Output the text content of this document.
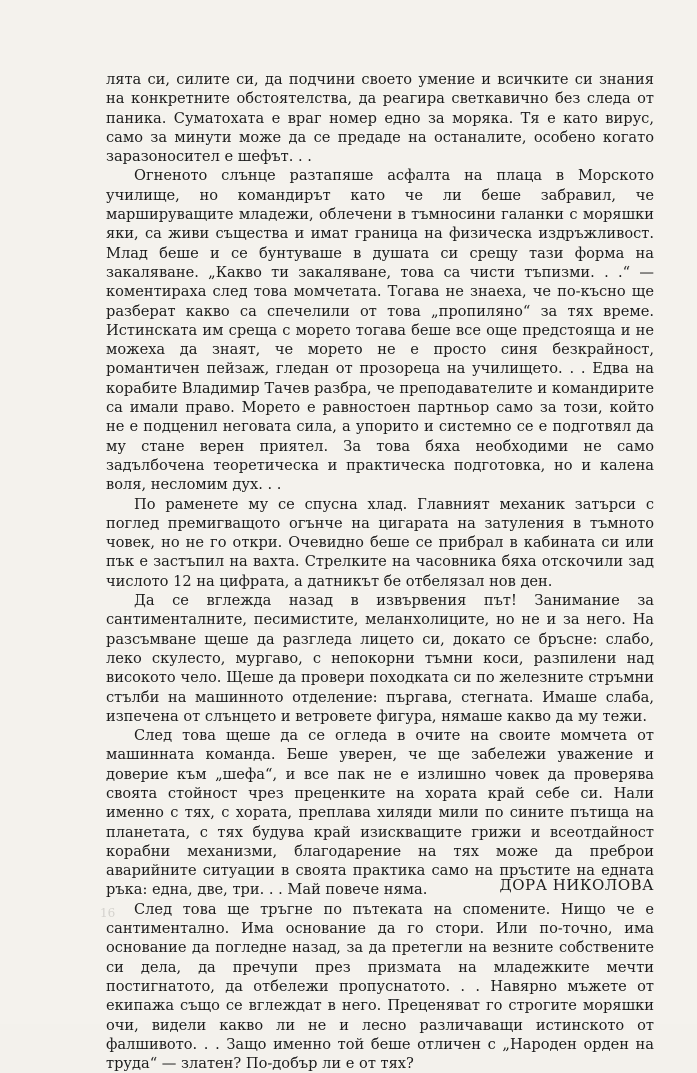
лята си, силите си, да подчини своето умение и всичките си знания на конкретните обстоятелства, да реагира светкавично без следа от паника. Суматохата е враг номер едно за моряка. Тя е като вирус, само за минути може да се предаде на останалите, особено когато заразоносител е шефът. . .

Огненото слънце разтапяше асфалта на плаца в Морското училище, но командирът като че ли беше забравил, че марширувaщите младежи, облечени в тъмносини галанки с моряшки яки, са живи същества и имат граница на физическа издръжливост. Млад беше и се бунтуваше в душата си срещу тази форма на закаляване. „Какво ти закаляване, това са чисти тъпизми. . .“ — коментираха след това момчетата. Тогава не знаеха, че по-късно ще разберат какво са спечелили от това „пропиляно“ за тях време. Истинската им среща с морето тогава беше все още предстояща и не можеха да знаят, че морето не е просто синя безкрайност, романтичен пейзаж, гледан от прозореца на училището. . . Едва на корабите Владимир Тачев разбра, че преподавателите и командирите са имали право. Морето е равностоен партньор само за този, който не е подценил неговата сила, а упорито и системно се е подготвял да му стане верен приятел. За това бяха необходими не само задълбочена теоретическа и практическа подготовка, но и калена воля, несломим дух. . .

По раменете му се спусна хлад. Главният механик затърси с поглед премигващото огънче на цигарата на затуления в тъмното човек, но не го откри. Очевидно беше се прибрал в кабината си или пък е застъпил на вахта. Стрелките на часовника бяха отскочили зад числото 12 на цифрата, а датникът бе отбелязал нов ден.

Да се вглежда назад в извървения път! Занимание за сантименталните, песимистите, меланхолиците, но не и за него. На разсъмване щеше да разгледа лицето си, докато се бръсне: слабо, леко скулесто, мургаво, с непокорни тъмни коси, разпилени над високото чело. Щеше да провери походката си по железните стръмни стълби на машинното отделение: пъргава, стегната. Имаше слаба, изпечена от слънцето и ветровете фигура, нямаше какво да му тежи.

След това щеше да се огледа в очите на своите момчета от машинната команда. Беше уверен, че ще забележи уважение и доверие към „шефа“, и все пак не е излишно човек да проверява своята стойност чрез преценките на хората край себе си. Нали именно с тях, с хората, преплава хиляди мили по сините пътища на планетата, с тях будува край изискващите грижи и всеотдайност корабни механизми, благодарение на тях може да преброи аварийните ситуации в своята практика само на пръстите на едната ръка: една, две, три. . . Май повече няма.

След това ще тръгне по пътеката на спомените. Нищо че е сантиментално. Има основание да го стори. Или по-точно, има основание да погледне назад, за да претегли на везните собствените си дела, да пречупи през призмата на младежките мечти постигнатото, да отбележи пропуснатото. . . Навярно мъжете от екипажа също се вглеждат в него. Преценяват го строгите моряшки очи, видели какво ли не и лесно различаващи истинското от фалшивото. . . Защо именно той беше отличен с „Народен орден на труда“ — златен? По-добър ли е от тях?

ДОРА НИКОЛОВА
16
